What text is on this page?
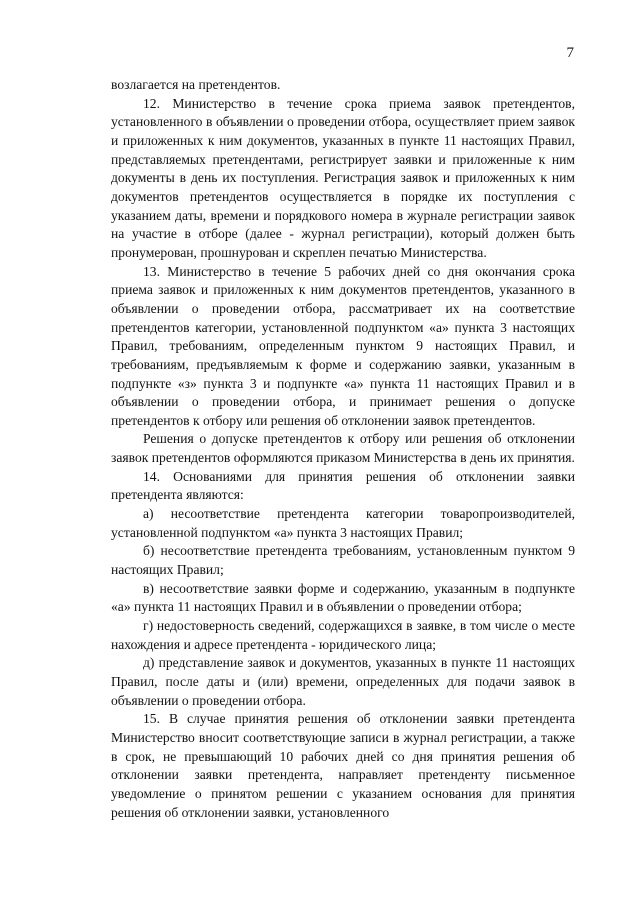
7

возлагается на претендентов.

12. Министерство в течение срока приема заявок претендентов, установленного в объявлении о проведении отбора, осуществляет прием заявок и приложенных к ним документов, указанных в пункте 11 настоящих Правил, представляемых претендентами, регистрирует заявки и приложенные к ним документы в день их поступления. Регистрация заявок и приложенных к ним документов претендентов осуществляется в порядке их поступления с указанием даты, времени и порядкового номера в журнале регистрации заявок на участие в отборе (далее - журнал регистрации), который должен быть пронумерован, прошнурован и скреплен печатью Министерства.

13. Министерство в течение 5 рабочих дней со дня окончания срока приема заявок и приложенных к ним документов претендентов, указанного в объявлении о проведении отбора, рассматривает их на соответствие претендентов категории, установленной подпунктом «а» пункта 3 настоящих Правил, требованиям, определенным пунктом 9 настоящих Правил, и требованиям, предъявляемым к форме и содержанию заявки, указанным в подпункте «з» пункта 3 и подпункте «а» пункта 11 настоящих Правил и в объявлении о проведении отбора, и принимает решения о допуске претендентов к отбору или решения об отклонении заявок претендентов.

Решения о допуске претендентов к отбору или решения об отклонении заявок претендентов оформляются приказом Министерства в день их принятия.

14. Основаниями для принятия решения об отклонении заявки претендента являются:

а) несоответствие претендента категории товаропроизводителей, установленной подпунктом «а» пункта 3 настоящих Правил;

б) несоответствие претендента требованиям, установленным пунктом 9 настоящих Правил;

в) несоответствие заявки форме и содержанию, указанным в подпункте «а» пункта 11 настоящих Правил и в объявлении о проведении отбора;

г) недостоверность сведений, содержащихся в заявке, в том числе о месте нахождения и адресе претендента - юридического лица;

д) представление заявок и документов, указанных в пункте 11 настоящих Правил, после даты и (или) времени, определенных для подачи заявок в объявлении о проведении отбора.

15. В случае принятия решения об отклонении заявки претендента Министерство вносит соответствующие записи в журнал регистрации, а также в срок, не превышающий 10 рабочих дней со дня принятия решения об отклонении заявки претендента, направляет претенденту письменное уведомление о принятом решении с указанием основания для принятия решения об отклонении заявки, установленного
